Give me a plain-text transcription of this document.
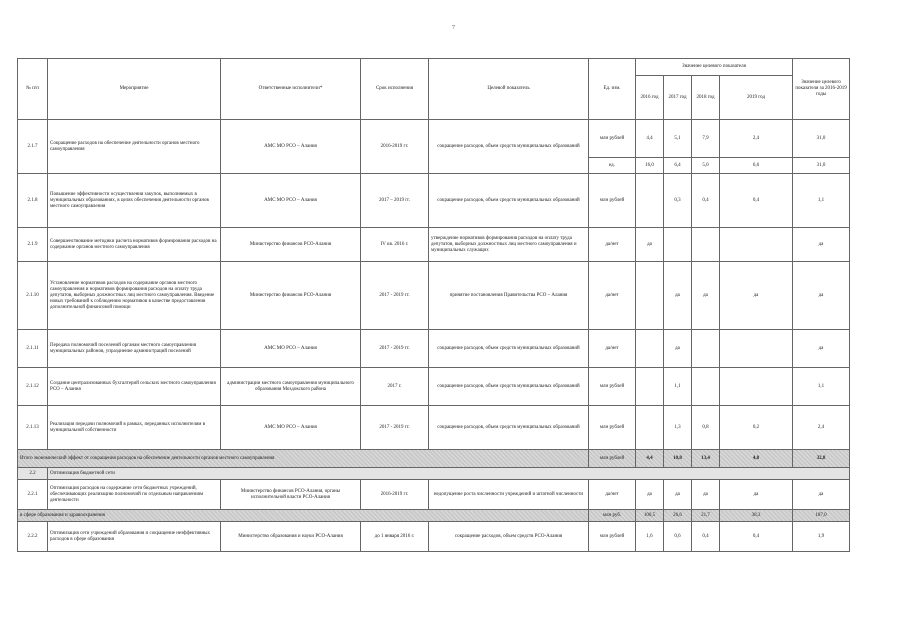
7
№ п/п	Мероприятие	Ответственные исполнители*	Срок исполнения	Целевой показатель	Ед. изм.	Значение целевого показателя				Значение целевого показателя за 2016-2019 годы
						2016 год	2017 год	2018 год	2019 год	
2.1.7	Сокращение расходов на обеспечение деятельности органов местного самоуправления	АМС МО РСО – Алания	2016-2019 гг.	сокращение расходов, объем средств муниципальных образований	млн рублей	4,4	5,1	7,9	2,4	31,0
					ед.	16,0	6,4	5,0	6,6	31,0
2.1.8	Повышение эффективности осуществления закупок, выполняемых в муниципальных образованиях, в целях обеспечения деятельности органов местного самоуправления	АМС МО РСО – Алания	2017 – 2019 гг.	сокращение расходов, объем средств муниципальных образований	млн рублей		0,3	0,4	0,4	1,1
2.1.9	Совершенствование методики расчета нормативов формирования расходов на содержание органов местного самоуправления	Министерство финансов РСО-Алания	IV кв. 2016 г.	утверждение нормативов формирования расходов на оплату труда депутатов, выборных должностных лиц местного самоуправления и муниципальных служащих	да/нет	да				да
2.1.10	Установление нормативов расходов на содержание органов местного самоуправления и нормативов формирования расходов на оплату труда депутатов, выборных должностных лиц местного самоуправления. Введение новых требований к соблюдению нормативов в качестве предоставления дополнительной финансовой помощи	Министерство финансов РСО-Алания	2017 - 2019 гг.	принятие постановления Правительства РСО – Алания	да/нет		да	да	да	да
2.1.11	Передача полномочий поселений органам местного самоуправления муниципальных районов, упразднение администраций поселений	АМС МО РСО – Алания	2017 - 2019 гг.	сокращение расходов, объем средств муниципальных образований	да/нет		да			да
2.1.12	Создание централизованных бухгалтерий сельских местного самоуправления РСО – Алания	администрации местного самоуправления муниципального образования Моздокского района	2017 г.	сокращение расходов, объем средств муниципальных образований	млн рублей		1,1			1,1
2.1.13	Реализация передачи полномочий в рамках, переданных исполнителям в муниципальной собственности	АМС МО РСО – Алания	2017 - 2019 гг.	сокращение расходов, объем средств муниципальных образований	млн рублей		1,3	0,8	0,2	2,4
Итого экономический эффект от сокращения расходов на обеспечение деятельности органов местного самоуправления					млн рублей	4,4	10,8	13,4	4,8	32,8
2.2	Оптимизация бюджетной сети									
2.2.1	Оптимизация расходов на содержание сети бюджетных учреждений, обеспечивающих реализацию полномочий по отдельным направлениям деятельности	Министерство финансов РСО-Алания, органы исполнительной власти РСО-Алания	2016-2019 гг.	недопущение роста численности учреждений и штатной численности	да/нет	да	да	да	да	да
в сфере образования и здравоохранения					млн руб.	100,5	26,6	21,7	38,3	187,0
2.2.2	Оптимизация сети учреждений образования и сокращение неэффективных расходов в сфере образования	Министерство образования и науки РСО-Алания	до 1 января 2016 г.	сокращение расходов, объем средств РСО-Алания	млн рублей	1,6	0,6	0,4	0,4	1,9
